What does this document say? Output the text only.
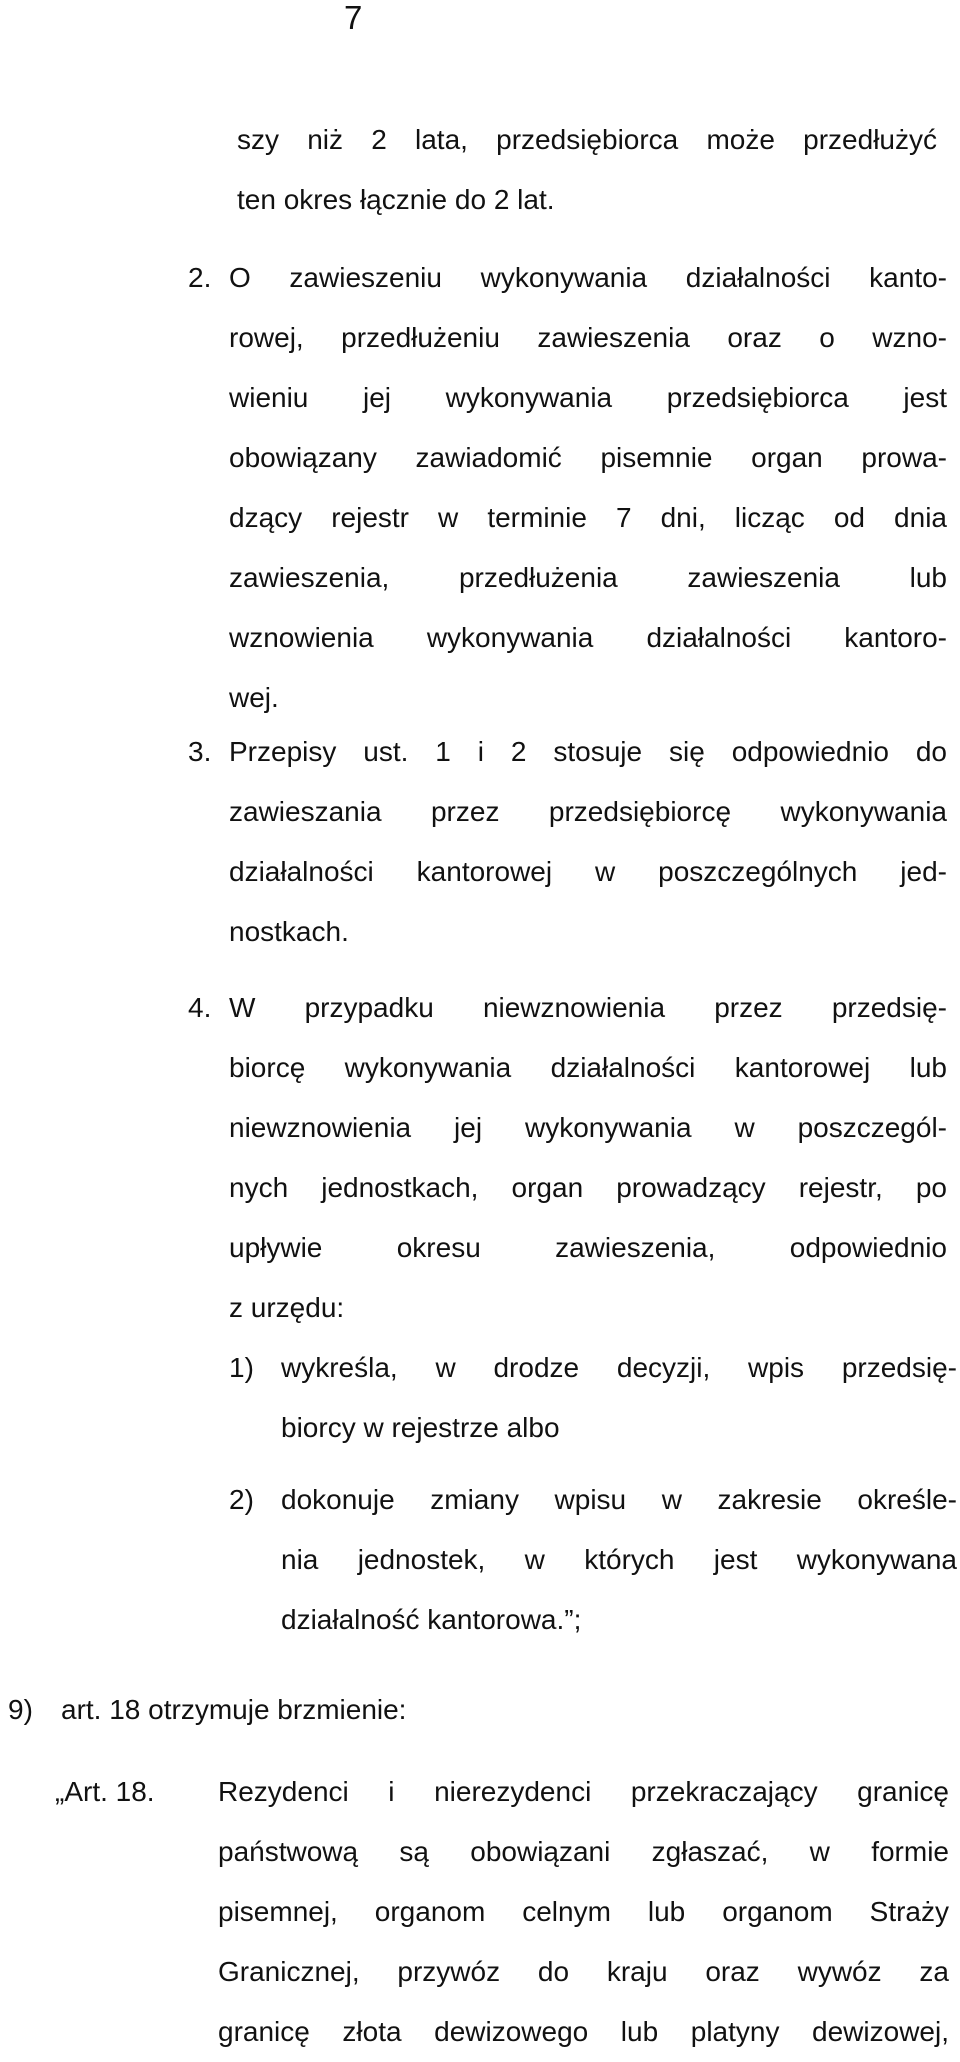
7
szy niż 2 lata, przedsiębiorca może przedłużyć
ten okres łącznie do 2 lat.
2. O zawieszeniu wykonywania działalności kanto-
rowej, przedłużeniu zawieszenia oraz o wzno-
wieniu jej wykonywania przedsiębiorca jest
obowiązany zawiadomić pisemnie organ prowa-
dzący rejestr w terminie 7 dni, licząc od dnia
zawieszenia, przedłużenia zawieszenia lub
wznowienia wykonywania działalności kantoro-
wej.
3. Przepisy ust. 1 i 2 stosuje się odpowiednio do
zawieszania przez przedsiębiorcę wykonywania
działalności kantorowej w poszczególnych jed-
nostkach.
4. W przypadku niewznowienia przez przedsię-
biorcę wykonywania działalności kantorowej lub
niewznowienia jej wykonywania w poszczegól-
nych jednostkach, organ prowadzący rejestr, po
upływie okresu zawieszenia, odpowiednio
z urzędu:
1) wykreśla, w drodze decyzji, wpis przedsię-
biorcy w rejestrze albo
2) dokonuje zmiany wpisu w zakresie określe-
nia jednostek, w których jest wykonywana
działalność kantorowa.”;
9) art. 18 otrzymuje brzmienie:
„Art. 18. Rezydenci i nierezydenci przekraczający granicę
państwową są obowiązani zgłaszać, w formie
pisemnej, organom celnym lub organom Straży
Granicznej, przywóz do kraju oraz wywóz za
granicę złota dewizowego lub platyny dewizowej,
